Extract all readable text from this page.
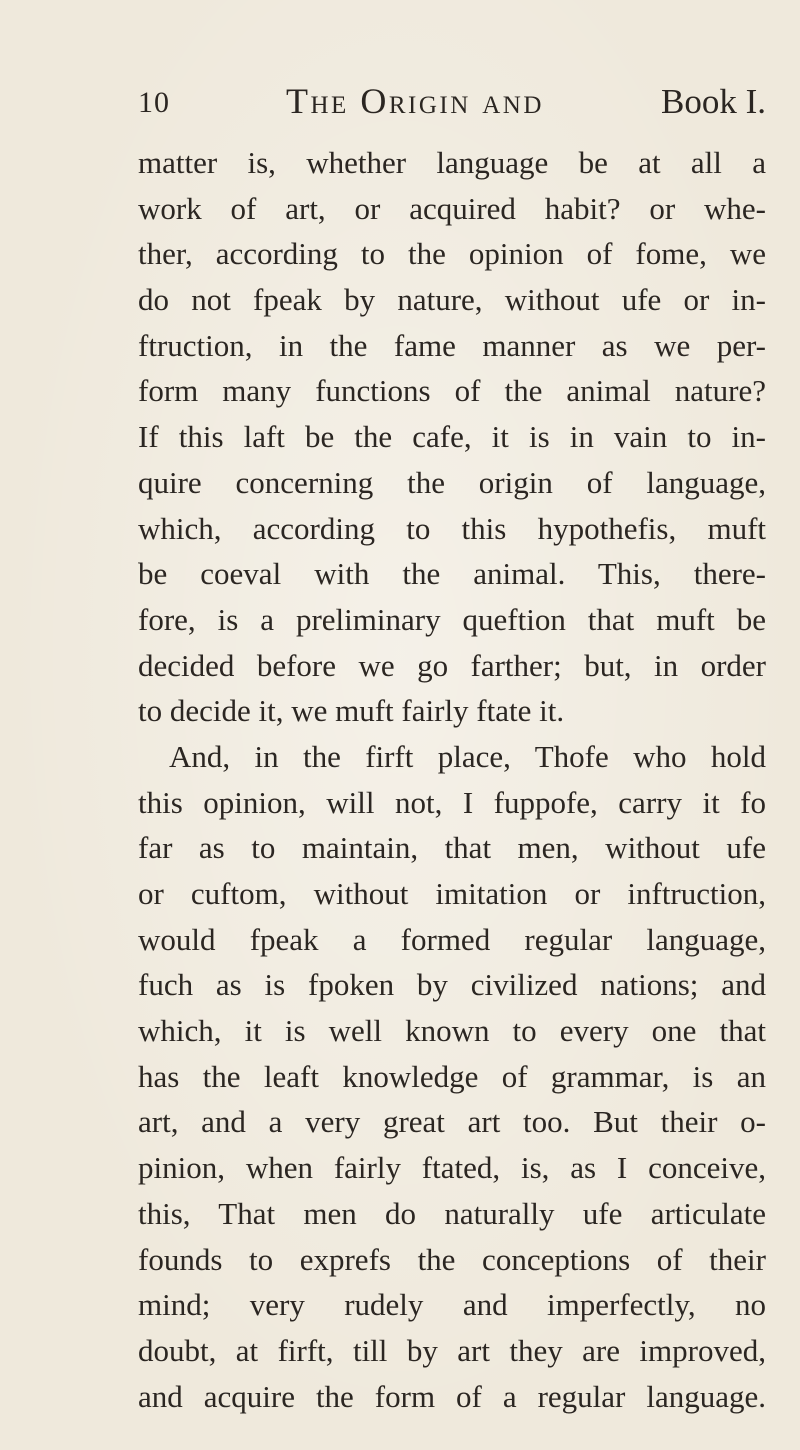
10	The Origin and	Book I.
matter is, whether language be at all a
work of art, or acquired habit? or whe-
ther, according to the opinion of fome, we
do not fpeak by nature, without ufe or in-
ftruction, in the fame manner as we per-
form many functions of the animal nature?
If this laft be the cafe, it is in vain to in-
quire concerning the origin of language,
which, according to this hypothefis, muft
be coeval with the animal. This, there-
fore, is a preliminary queftion that muft be
decided before we go farther; but, in order
to decide it, we muft fairly ftate it.
And, in the firft place, Thofe who hold
this opinion, will not, I fuppofe, carry it fo
far as to maintain, that men, without ufe
or cuftom, without imitation or inftruction,
would fpeak a formed regular language,
fuch as is fpoken by civilized nations; and
which, it is well known to every one that
has the leaft knowledge of grammar, is an
art, and a very great art too. But their o-
pinion, when fairly ftated, is, as I conceive,
this, That men do naturally ufe articulate
founds to exprefs the conceptions of their
mind; very rudely and imperfectly, no
doubt, at firft, till by art they are improved,
and acquire the form of a regular language.
